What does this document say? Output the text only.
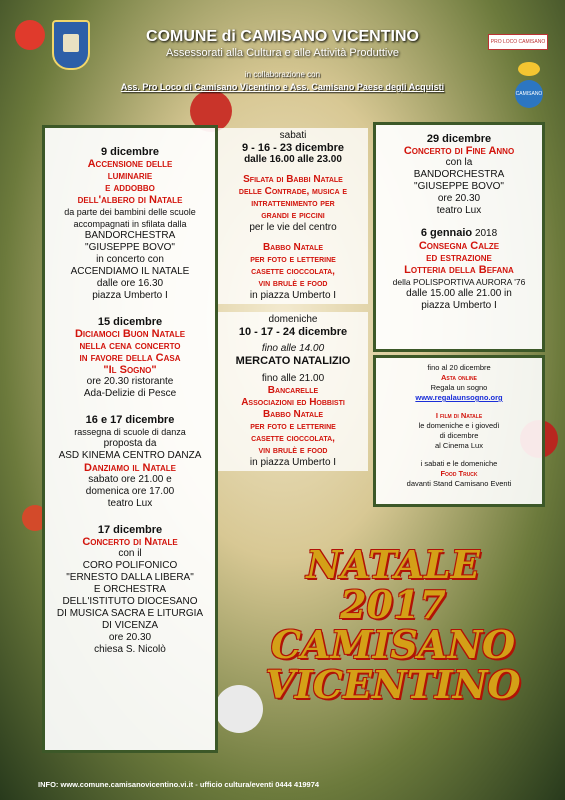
COMUNE di CAMISANO VICENTINO
Assessorati alla Cultura e alle Attività Produttive
in collaborazione con
Ass. Pro Loco di Camisano Vicentino e Ass. Camisano Paese degli Acquisti
PRO LOCO CAMISANO
CAMISANO
9 dicembre
Accensione delle
luminarie
e addobbo
dell'albero di Natale
da parte dei bambini delle scuole
accompagnati in sfilata dalla
BANDORCHESTRA
"GIUSEPPE BOVO"
in concerto con
ACCENDIAMO IL NATALE
dalle ore 16.30
piazza Umberto I
15 dicembre
Diciamoci Buon Natale
nella cena concerto
in favore della Casa
"Il Sogno"
ore 20.30 ristorante
Ada-Delizie di Pesce
16 e 17 dicembre
rassegna di scuole di danza
proposta da
ASD KINEMA CENTRO DANZA
Danziamo il Natale
sabato ore 21.00 e
domenica ore 17.00
teatro Lux
17 dicembre
Concerto di Natale
con il
CORO POLIFONICO
"ERNESTO DALLA LIBERA"
E ORCHESTRA
DELL'ISTITUTO DIOCESANO
DI MUSICA SACRA E LITURGIA
DI VICENZA
ore 20.30
chiesa S. Nicolò
sabati
9 - 16 - 23 dicembre
dalle 16.00 alle 23.00
Sfilata di Babbi Natale
delle Contrade, musica e
intrattenimento per
grandi e piccini
per le vie del centro
Babbo Natale
per foto e letterine
casette cioccolata,
vin brulè e food
in piazza Umberto I
domeniche
10 - 17 - 24 dicembre
fino alle 14.00
MERCATO NATALIZIO
fino alle 21.00
Bancarelle
Associazioni ed Hobbisti
Babbo Natale
per foto e letterine
casette cioccolata,
vin brulè e food
in piazza Umberto I
29 dicembre
Concerto di Fine Anno
con la
BANDORCHESTRA
"GIUSEPPE BOVO"
ore 20.30
teatro Lux
6 gennaio 2018
Consegna Calze
ed estrazione
Lotteria della Befana
della POLISPORTIVA AURORA '76
dalle 15.00 alle 21.00 in
piazza Umberto I
fino al 20 dicembre
Asta online
Regala un sogno
www.regalaunsogno.org
I film di Natale
le domeniche e i giovedì
di dicembre
al Cinema Lux
i sabati e le domeniche
Food Truck
davanti Stand Camisano Eventi
NATALE
2017
CAMISANO
VICENTINO
INFO: www.comune.camisanovicentino.vi.it - ufficio cultura/eventi 0444 419974
